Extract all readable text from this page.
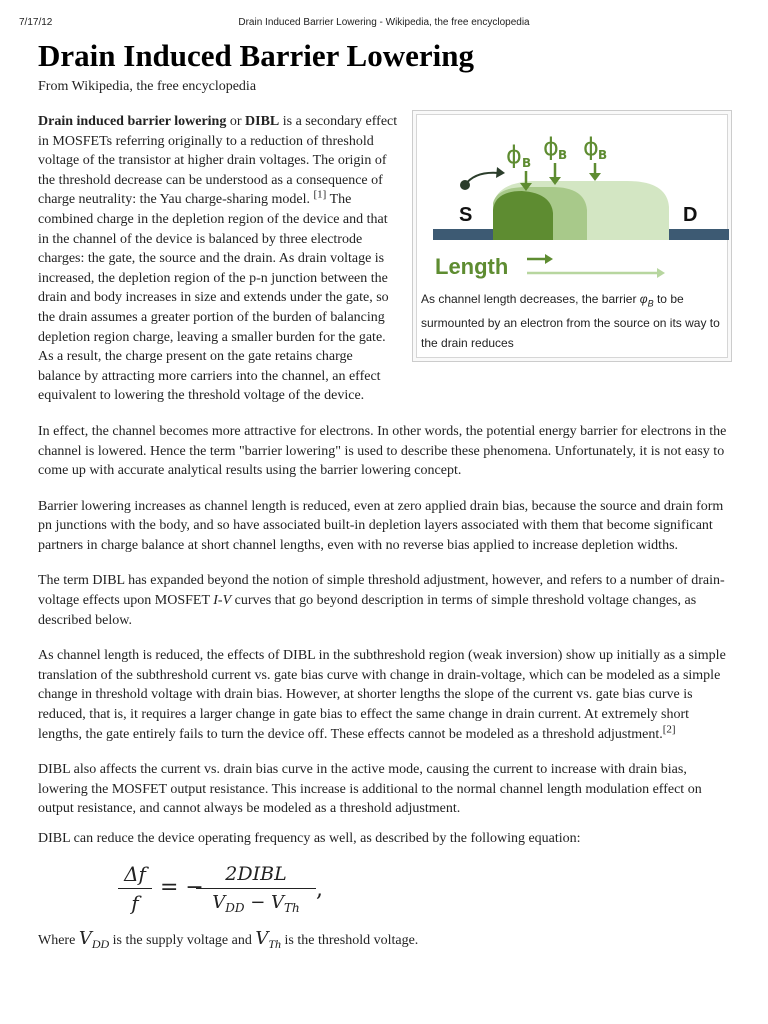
7/17/12	Drain Induced Barrier Lowering - Wikipedia, the free encyclopedia
Drain Induced Barrier Lowering
From Wikipedia, the free encyclopedia

ϕ B
ϕ B ϕ B
S	D
Length
As channel length decreases, the barrier $\varphi_B$ to be surmounted by an electron from the source on its way to the drain reduces
Drain induced barrier lowering or DIBL is a secondary effect in MOSFETs referring originally to a reduction of threshold voltage of the transistor at higher drain voltages. The origin of the threshold decrease can be understood as a consequence of charge neutrality: the Yau charge-sharing model. [1] The combined charge in the depletion region of the device and that in the channel of the device is balanced by three electrode charges: the gate, the source and the drain. As drain voltage is increased, the depletion region of the p-n junction between the drain and body increases in size and extends under the gate, so the drain assumes a greater portion of the burden of balancing depletion region charge, leaving a smaller burden for the gate. As a result, the charge present on the gate retains charge balance by attracting more carriers into the channel, an effect equivalent to lowering the threshold voltage of the device.

In effect, the channel becomes more attractive for electrons. In other words, the potential energy barrier for electrons in the channel is lowered. Hence the term "barrier lowering" is used to describe these phenomena. Unfortunately, it is not easy to come up with accurate analytical results using the barrier lowering concept.

Barrier lowering increases as channel length is reduced, even at zero applied drain bias, because the source and drain form pn junctions with the body, and so have associated built-in depletion layers associated with them that become significant partners in charge balance at short channel lengths, even with no reverse bias applied to increase depletion widths.

The term DIBL has expanded beyond the notion of simple threshold adjustment, however, and refers to a number of drain-voltage effects upon MOSFET I-V curves that go beyond description in terms of simple threshold voltage changes, as described below.

As channel length is reduced, the effects of DIBL in the subthreshold region (weak inversion) show up initially as a simple translation of the subthreshold current vs. gate bias curve with change in drain-voltage, which can be modeled as a simple change in threshold voltage with drain bias. However, at shorter lengths the slope of the current vs. gate bias curve is reduced, that is, it requires a larger change in gate bias to effect the same change in drain current. At extremely short lengths, the gate entirely fails to turn the device off. These effects cannot be modeled as a threshold adjustment.[2]

DIBL also affects the current vs. drain bias curve in the active mode, causing the current to increase with drain bias, lowering the MOSFET output resistance. This increase is additional to the normal channel length modulation effect on output resistance, and cannot always be modeled as a threshold adjustment.

DIBL can reduce the device operating frequency as well, as described by the following equation:

Δf
f
= −
2DIBL
$V_{DD} - V_{Th}$
,

Where VDD is the supply voltage and VTh is the threshold voltage.
